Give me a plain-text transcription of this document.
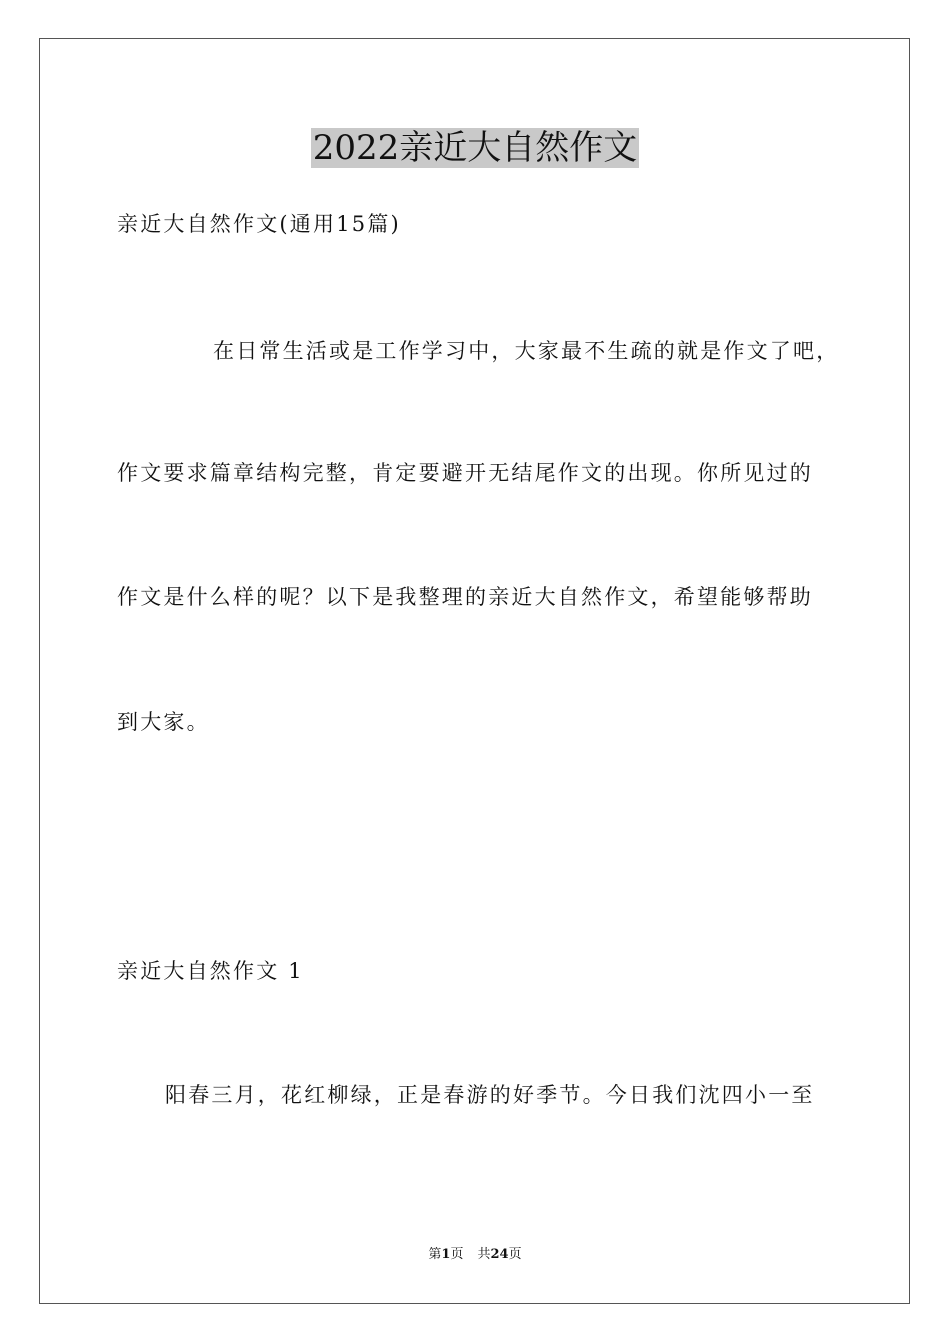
2022亲近大自然作文
亲近大自然作文(通用15篇)
在日常生活或是工作学习中，大家最不生疏的就是作文了吧，
作文要求篇章结构完整，肯定要避开无结尾作文的出现。你所见过的
作文是什么样的呢？以下是我整理的亲近大自然作文，希望能够帮助
到大家。
亲近大自然作文 1
阳春三月，花红柳绿，正是春游的好季节。今日我们沈四小一至
第1页 共24页
